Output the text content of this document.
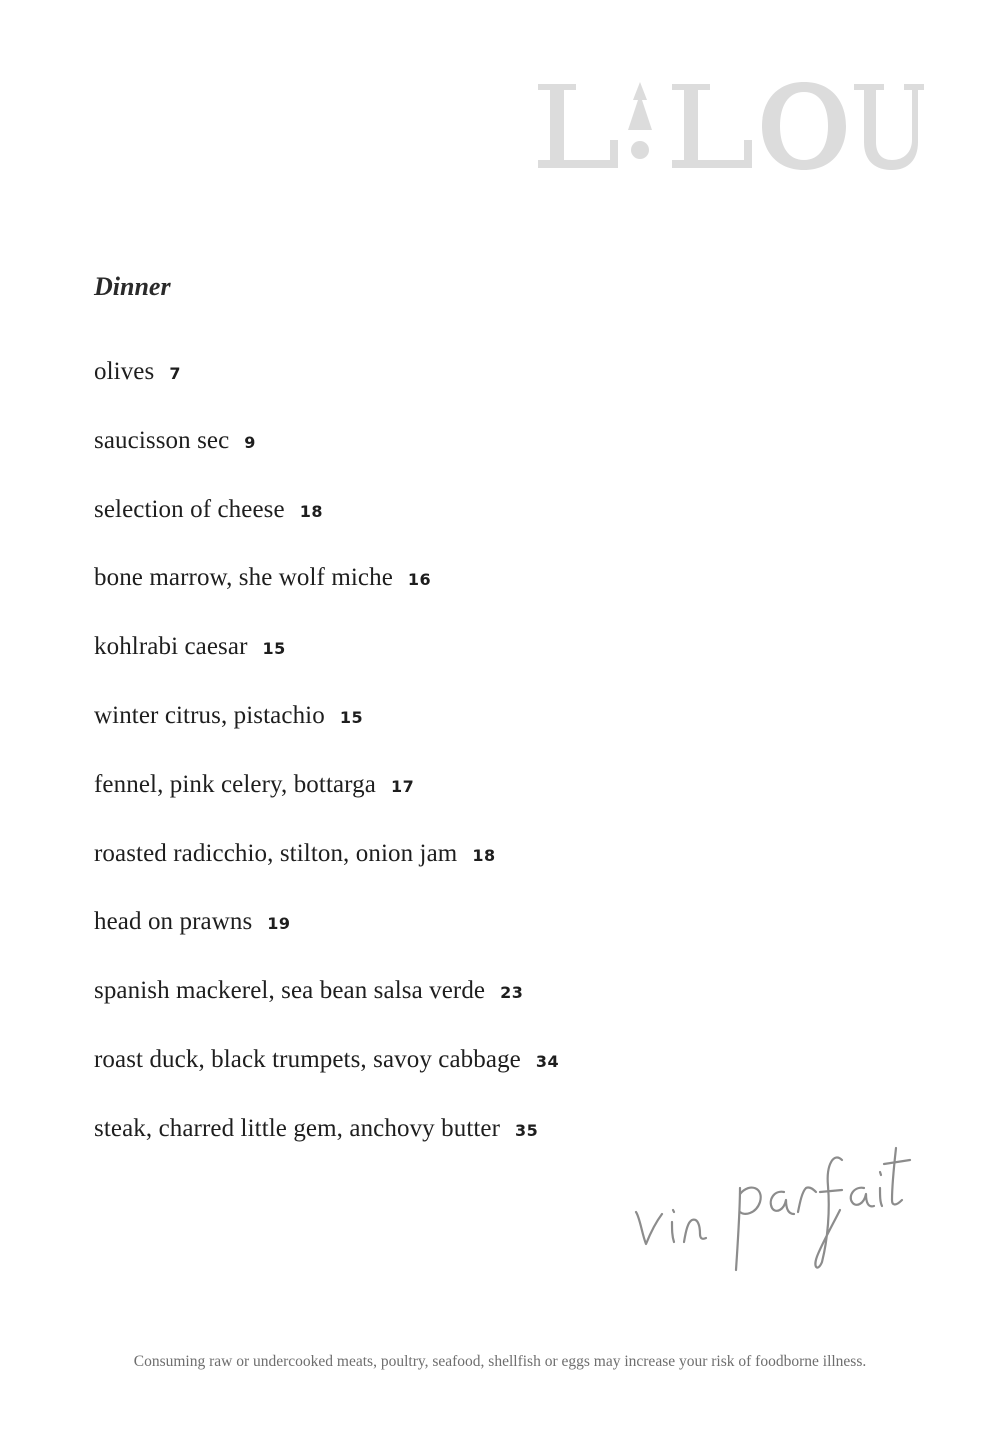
Dinner
olives 7
saucisson sec 9
selection of cheese 18
bone marrow, she wolf miche 16
kohlrabi caesar 15
winter citrus, pistachio 15
fennel, pink celery, bottarga 17
roasted radicchio, stilton, onion jam 18
head on prawns 19
spanish mackerel, sea bean salsa verde 23
roast duck, black trumpets, savoy cabbage 34
steak, charred little gem, anchovy butter 35

Consuming raw or undercooked meats, poultry, seafood, shellfish or eggs may increase your risk of foodborne illness.
